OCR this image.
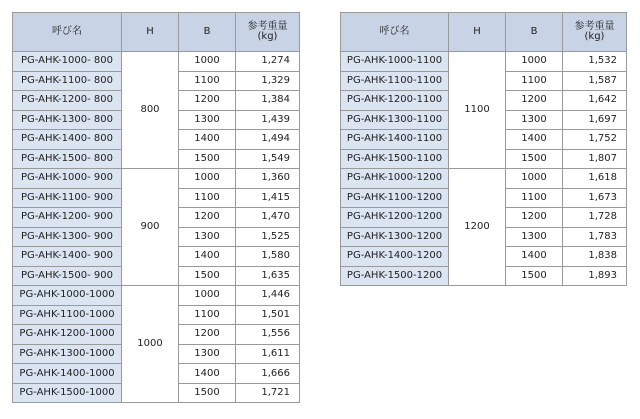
呼び名	H	B	参考重量
(kg)

PG-AHK-1000- 800	800	1000	1,274
PG-AHK-1100- 800		1100	1,329
PG-AHK-1200- 800		1200	1,384
PG-AHK-1300- 800		1300	1,439
PG-AHK-1400- 800		1400	1,494
PG-AHK-1500- 800		1500	1,549
PG-AHK-1000- 900	900	1000	1,360
PG-AHK-1100- 900		1100	1,415
PG-AHK-1200- 900		1200	1,470
PG-AHK-1300- 900		1300	1,525
PG-AHK-1400- 900		1400	1,580
PG-AHK-1500- 900		1500	1,635
PG-AHK-1000-1000	1000	1000	1,446
PG-AHK-1100-1000		1100	1,501
PG-AHK-1200-1000		1200	1,556
PG-AHK-1300-1000		1300	1,611
PG-AHK-1400-1000		1400	1,666
PG-AHK-1500-1000		1500	1,721
呼び名	H	B	参考重量
(kg)

PG-AHK-1000-1100	1100	1000	1,532
PG-AHK-1100-1100		1100	1,587
PG-AHK-1200-1100		1200	1,642
PG-AHK-1300-1100		1300	1,697
PG-AHK-1400-1100		1400	1,752
PG-AHK-1500-1100		1500	1,807
PG-AHK-1000-1200	1200	1000	1,618
PG-AHK-1100-1200		1100	1,673
PG-AHK-1200-1200		1200	1,728
PG-AHK-1300-1200		1300	1,783
PG-AHK-1400-1200		1400	1,838
PG-AHK-1500-1200		1500	1,893
